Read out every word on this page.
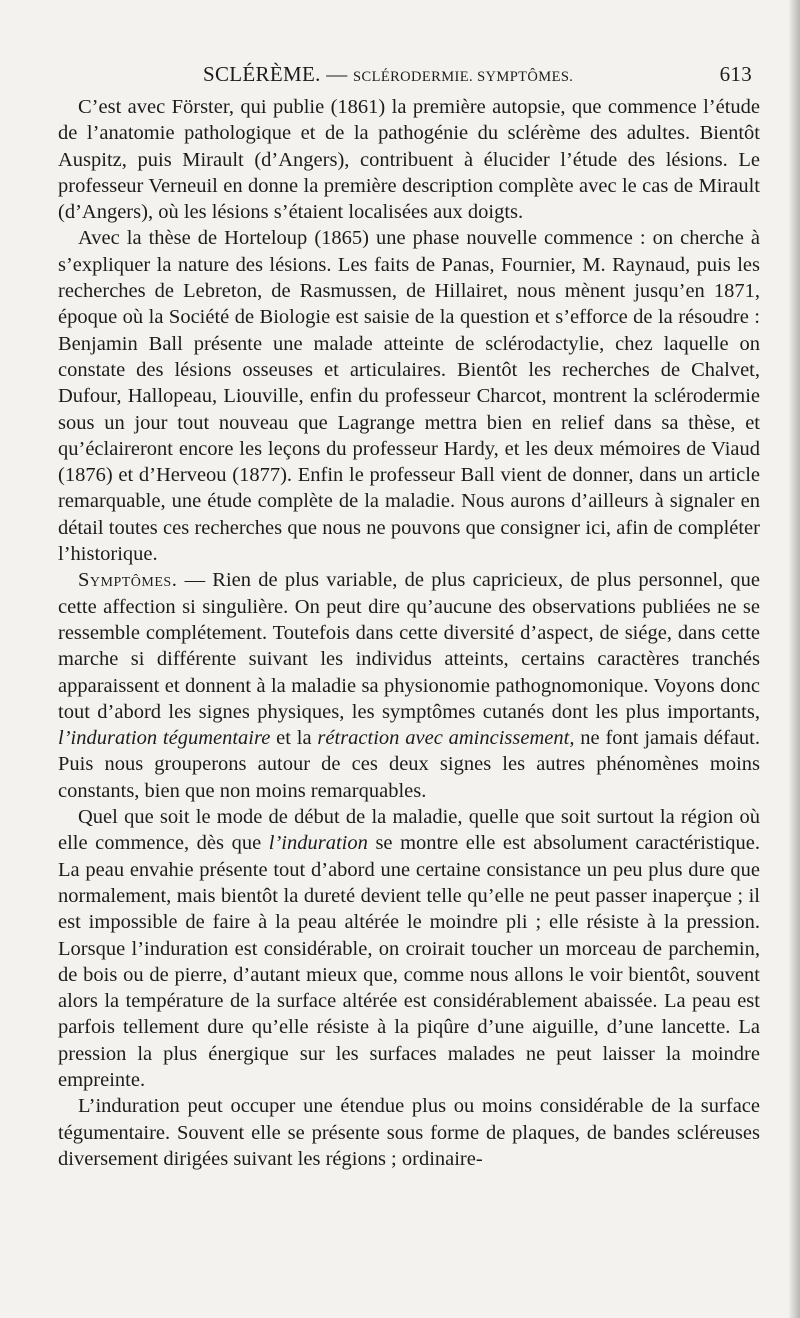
SCLÉRÈME. — SCLÉRODERMIE. SYMPTÔMES.	613

C’est avec Förster, qui publie (1861) la première autopsie, que commence l’étude de l’anatomie pathologique et de la pathogénie du sclérème des adultes. Bientôt Auspitz, puis Mirault (d’Angers), contribuent à élucider l’étude des lésions. Le professeur Verneuil en donne la première description complète avec le cas de Mirault (d’Angers), où les lésions s’étaient localisées aux doigts.

Avec la thèse de Horteloup (1865) une phase nouvelle commence : on cherche à s’expliquer la nature des lésions. Les faits de Panas, Fournier, M. Raynaud, puis les recherches de Lebreton, de Rasmussen, de Hillairet, nous mènent jusqu’en 1871, époque où la Société de Biologie est saisie de la question et s’efforce de la résoudre : Benjamin Ball présente une malade atteinte de sclérodactylie, chez laquelle on constate des lésions osseuses et articulaires. Bientôt les recherches de Chalvet, Dufour, Hallopeau, Liouville, enfin du professeur Charcot, montrent la sclérodermie sous un jour tout nouveau que Lagrange mettra bien en relief dans sa thèse, et qu’éclaireront encore les leçons du professeur Hardy, et les deux mémoires de Viaud (1876) et d’Herveou (1877). Enfin le professeur Ball vient de donner, dans un article remarquable, une étude complète de la maladie. Nous aurons d’ailleurs à signaler en détail toutes ces recherches que nous ne pouvons que consigner ici, afin de compléter l’historique.

Symptômes. — Rien de plus variable, de plus capricieux, de plus personnel, que cette affection si singulière. On peut dire qu’aucune des observations publiées ne se ressemble complétement. Toutefois dans cette diversité d’aspect, de siége, dans cette marche si différente suivant les individus atteints, certains caractères tranchés apparaissent et donnent à la maladie sa physionomie pathognomonique. Voyons donc tout d’abord les signes physiques, les symptômes cutanés dont les plus importants, l’induration tégumentaire et la rétraction avec amincissement, ne font jamais défaut. Puis nous grouperons autour de ces deux signes les autres phénomènes moins constants, bien que non moins remarquables.

Quel que soit le mode de début de la maladie, quelle que soit surtout la région où elle commence, dès que l’induration se montre elle est absolument caractéristique. La peau envahie présente tout d’abord une certaine consistance un peu plus dure que normalement, mais bientôt la dureté devient telle qu’elle ne peut passer inaperçue ; il est impossible de faire à la peau altérée le moindre pli ; elle résiste à la pression. Lorsque l’induration est considérable, on croirait toucher un morceau de parchemin, de bois ou de pierre, d’autant mieux que, comme nous allons le voir bientôt, souvent alors la température de la surface altérée est considérablement abaissée. La peau est parfois tellement dure qu’elle résiste à la piqûre d’une aiguille, d’une lancette. La pression la plus énergique sur les surfaces malades ne peut laisser la moindre empreinte.

L’induration peut occuper une étendue plus ou moins considérable de la surface tégumentaire. Souvent elle se présente sous forme de plaques, de bandes scléreuses diversement dirigées suivant les régions ; ordinaire-
